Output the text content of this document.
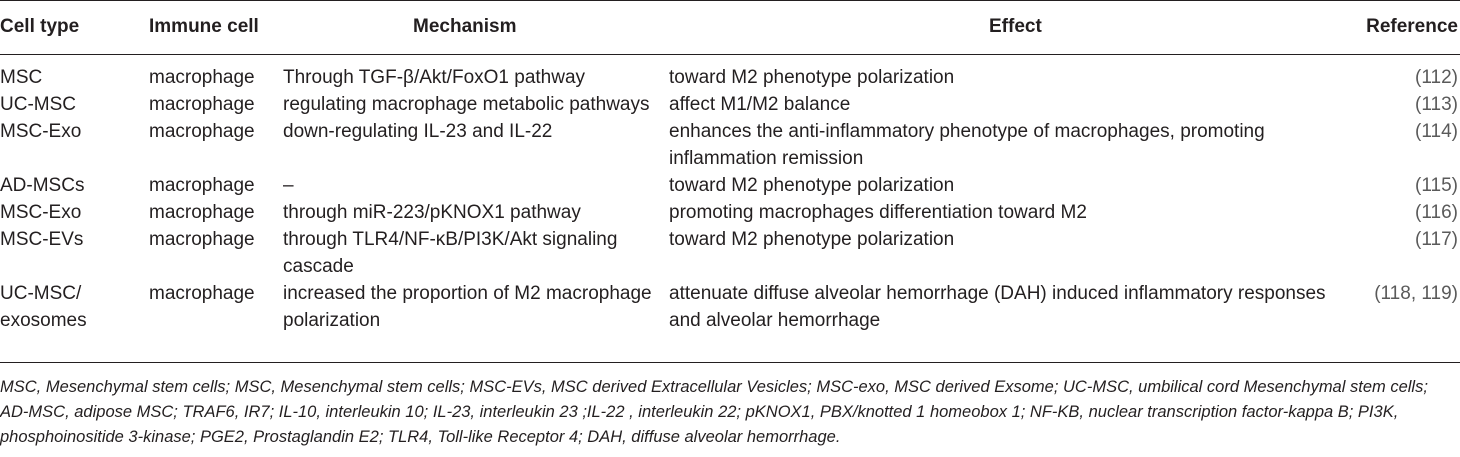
Cell type	Immune cell	Mechanism	Effect	Reference
MSC	macrophage	Through TGF-β/Akt/FoxO1 pathway	toward M2 phenotype polarization	(112)
UC-MSC	macrophage	regulating macrophage metabolic pathways	affect M1/M2 balance	(113)
MSC-Exo	macrophage	down-regulating IL-23 and IL-22	enhances the anti-inflammatory phenotype of macrophages, promoting inflammation remission	(114)
AD-MSCs	macrophage	–	toward M2 phenotype polarization	(115)
MSC-Exo	macrophage	through miR-223/pKNOX1 pathway	promoting macrophages differentiation toward M2	(116)
MSC-EVs	macrophage	through TLR4/NF-κB/PI3K/Akt signaling cascade	toward M2 phenotype polarization	(117)
UC-MSC/ exosomes	macrophage	increased the proportion of M2 macrophage polarization	attenuate diffuse alveolar hemorrhage (DAH) induced inflammatory responses and alveolar hemorrhage	(118, 119)
MSC, Mesenchymal stem cells; MSC, Mesenchymal stem cells; MSC-EVs, MSC derived Extracellular Vesicles; MSC-exo, MSC derived Exsome; UC-MSC, umbilical cord Mesenchymal stem cells; AD-MSC, adipose MSC; TRAF6, IR7; IL-10, interleukin 10; IL-23, interleukin 23 ;IL-22 , interleukin 22; pKNOX1, PBX/knotted 1 homeobox 1; NF-KB, nuclear transcription factor-kappa B; PI3K, phosphoinositide 3-kinase; PGE2, Prostaglandin E2; TLR4, Toll-like Receptor 4; DAH, diffuse alveolar hemorrhage.
